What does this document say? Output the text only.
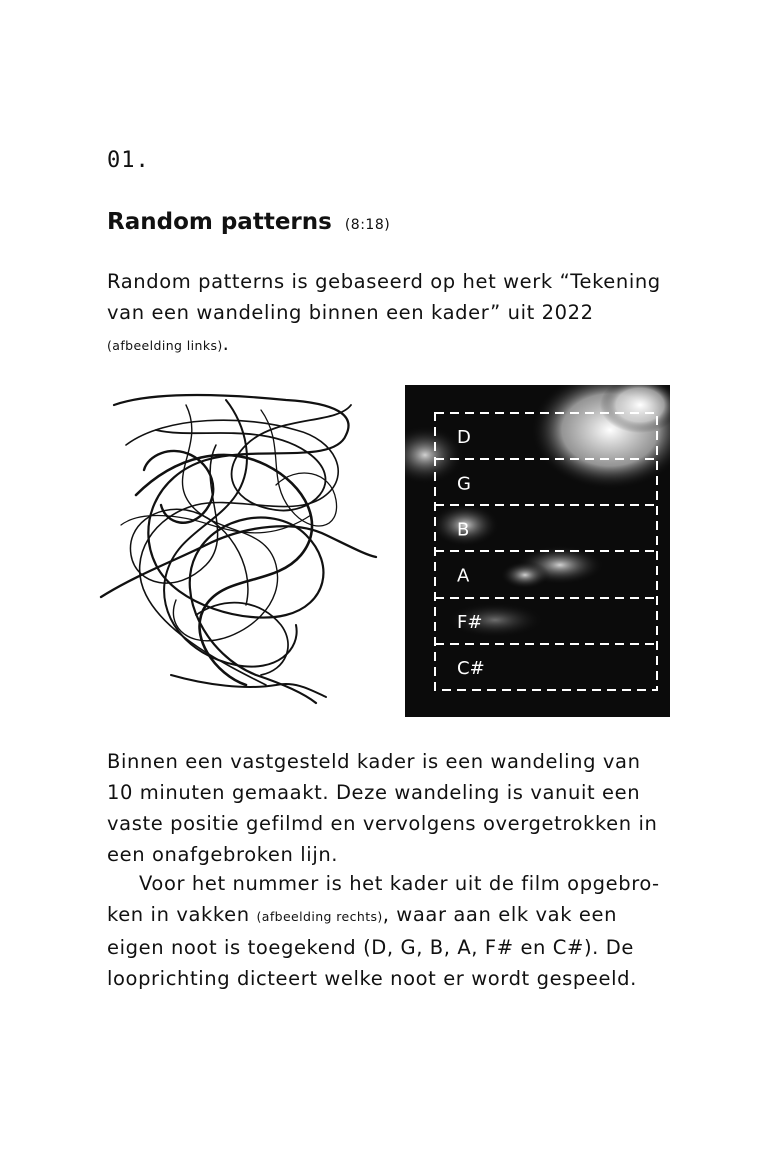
01.
Random patterns (8:18)

Random patterns is gebaseerd op het werk “Tekening van een wandeling binnen een kader” uit 2022 (afbeelding links).

D
G
B
A
F#
C#

Binnen een vastgesteld kader is een wandeling van 10 minuten gemaakt. Deze wandeling is vanuit een vaste positie gefilmd en vervolgens overgetrokken in een onafgebroken lijn.

Voor het nummer is het kader uit de film opgebroken in vakken (afbeelding rechts), waar aan elk vak een eigen noot is toegekend (D, G, B, A, F# en C#). De looprichting dicteert welke noot er wordt gespeeld.
